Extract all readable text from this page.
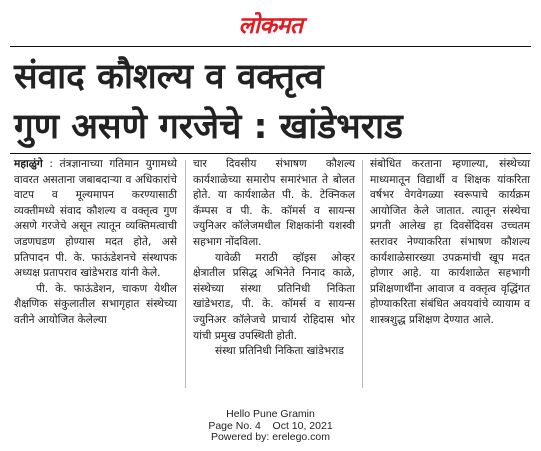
लोकमत
संवाद कौशल्य व वक्तृत्व
गुण असणे गरजेचे : खांडेभराड

महाळुंगे : तंत्रज्ञानाच्या गतिमान युगामध्ये वावरत असताना जबाबदाऱ्या व अधिकारांचे वाटप व मूल्यमापन करण्यासाठी व्यक्तीमध्ये संवाद कौशल्य व वक्तृत्व गुण असणे गरजेचे असून त्यातून व्यक्तिमत्वाची जडणघडण होण्यास मदत होते, असे प्रतिपादन पी. के. फाऊंडेशनचे संस्थापक अध्यक्ष प्रतापराव खांडेभराड यांनी केले.

पी. के. फाऊंडेशन, चाकण येथील शैक्षणिक संकुलातील सभागृहात संस्थेच्या वतीने आयोजित केलेल्या

चार दिवसीय संभाषण कौशल्य कार्यशाळेच्या समारोप समारंभात ते बोलत होते. या कार्यशाळेत पी. के. टेक्निकल कॅम्पस व पी. के. कॉमर्स व सायन्स ज्युनिअर कॉलेजमधील शिक्षकांनी यशस्वी सहभाग नोंदविला.

यावेळी मराठी व्हॉइस ओव्हर क्षेत्रातील प्रसिद्ध अभिनेते निनाद काळे, संस्थेच्या संस्था प्रतिनिधी निकिता खांडेभराड, पी. के. कॉमर्स व सायन्स ज्युनिअर कॉलेजचे प्राचार्य रोहिदास भोर यांची प्रमुख उपस्थिती होती.

संस्था प्रतिनिधी निकिता खांडेभराड

संबोधित करताना म्हणाल्या, संस्थेच्या माध्यमातून विद्यार्थी व शिक्षक यांकरिता वर्षभर वेगवेगळ्या स्वरूपाचे कार्यक्रम आयोजित केले जातात. त्यातून संस्थेचा प्रगती आलेख हा दिवसेंदिवस उच्चतम स्तरावर नेण्याकरिता संभाषण कौशल्य कार्यशाळेसारख्या उपक्रमांची खूप मदत होणार आहे. या कार्यशाळेत सहभागी प्रशिक्षणार्थींना आवाज व वक्तृत्व वृद्धिंगत होण्याकरिता संबंधित अवयवांचे व्यायाम व शास्त्रशुद्ध प्रशिक्षण देण्यात आले.

Hello Pune Gramin
Page No. 4    Oct 10, 2021
Powered by: erelego.com
